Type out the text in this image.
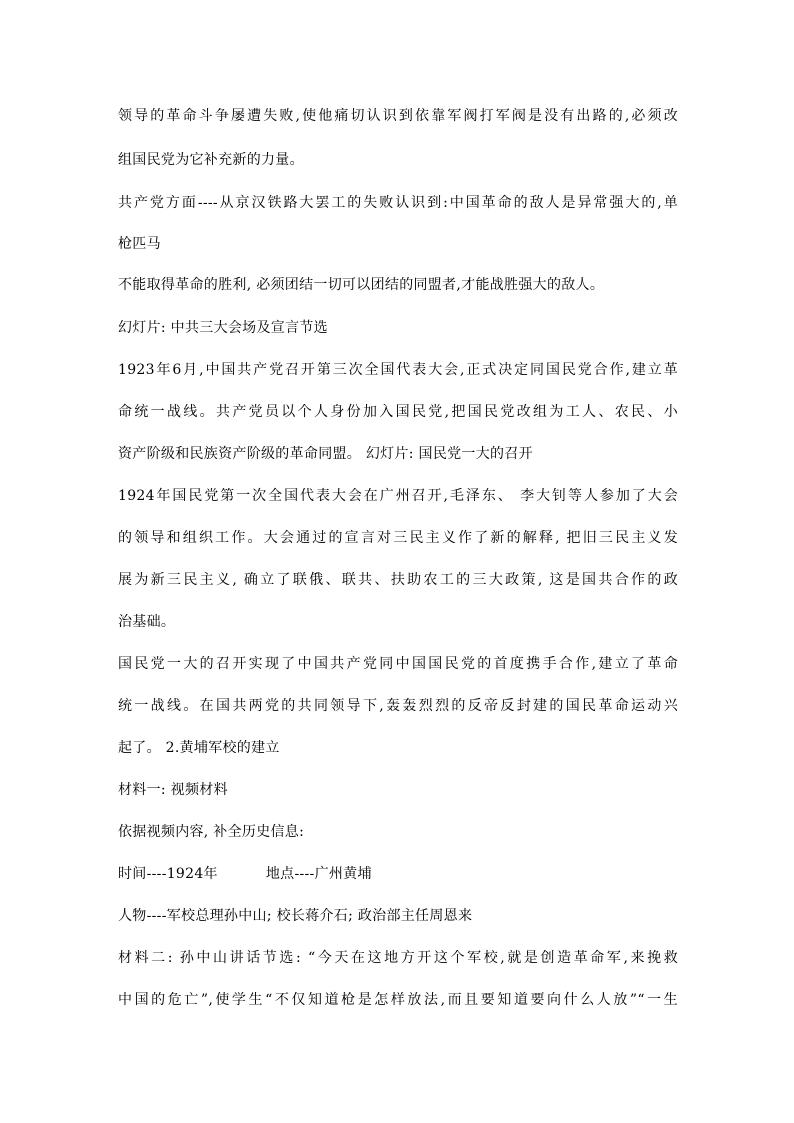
领导的革命斗争屡遭失败,使他痛切认识到依靠军阀打军阀是没有出路的,必须改
组国民党为它补充新的力量。
共产党方面----从京汉铁路大罢工的失败认识到:中国革命的敌人是异常强大的,单
枪匹马
不能取得革命的胜利, 必须团结一切可以团结的同盟者,才能战胜强大的敌人。
幻灯片: 中共三大会场及宣言节选
1923年6月,中国共产党召开第三次全国代表大会,正式决定同国民党合作,建立革
命统一战线。共产党员以个人身份加入国民党,把国民党改组为工人、农民、小
资产阶级和民族资产阶级的革命同盟。 幻灯片: 国民党一大的召开
1924年国民党第一次全国代表大会在广州召开,毛泽东、 李大钊等人参加了大会
的领导和组织工作。大会通过的宣言对三民主义作了新的解释, 把旧三民主义发
展为新三民主义, 确立了联俄、联共、扶助农工的三大政策, 这是国共合作的政
治基础。
国民党一大的召开实现了中国共产党同中国国民党的首度携手合作,建立了革命
统一战线。在国共两党的共同领导下,轰轰烈烈的反帝反封建的国民革命运动兴
起了。 2.黄埔军校的建立
材料一: 视频材料
依据视频内容, 补全历史信息:
时间----1924年	地点----广州黄埔
人物----军校总理孙中山; 校长蒋介石; 政治部主任周恩来
材料二: 孙中山讲话节选: “今天在这地方开这个军校,就是创造革命军,来挽救
中国的危亡”,使学生“不仅知道枪是怎样放法,而且要知道要向什么人放”“一生
